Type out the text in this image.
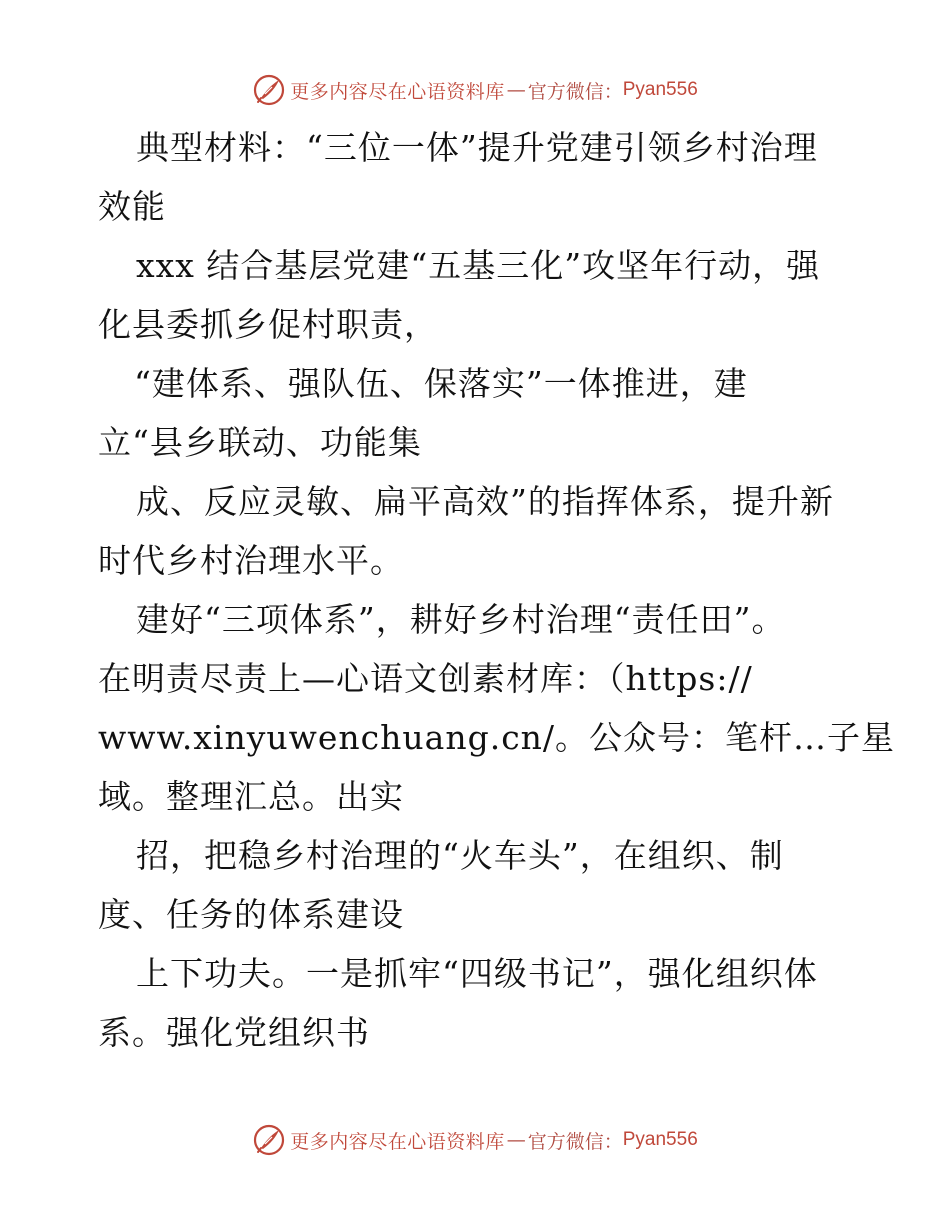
更多内容尽在心语资料库 — 官方微信： Pyan556
典型材料：“三位一体”提升党建引领乡村治理
效能
xxx 结合基层党建“五基三化”攻坚年行动，强
化县委抓乡促村职责，
“建体系、强队伍、保落实”一体推进，建
立“县乡联动、功能集
成、反应灵敏、扁平高效”的指挥体系，提升新
时代乡村治理水平。
建好“三项体系”，耕好乡村治理“责任田”。
在明责尽责上—心语文创素材库：（https://
www.xinyuwenchuang.cn/。公众号：笔杆…子星
域。整理汇总。出实
招，把稳乡村治理的“火车头”，在组织、制
度、任务的体系建设
上下功夫。一是抓牢“四级书记”，强化组织体
系。强化党组织书
更多内容尽在心语资料库 — 官方微信： Pyan556
